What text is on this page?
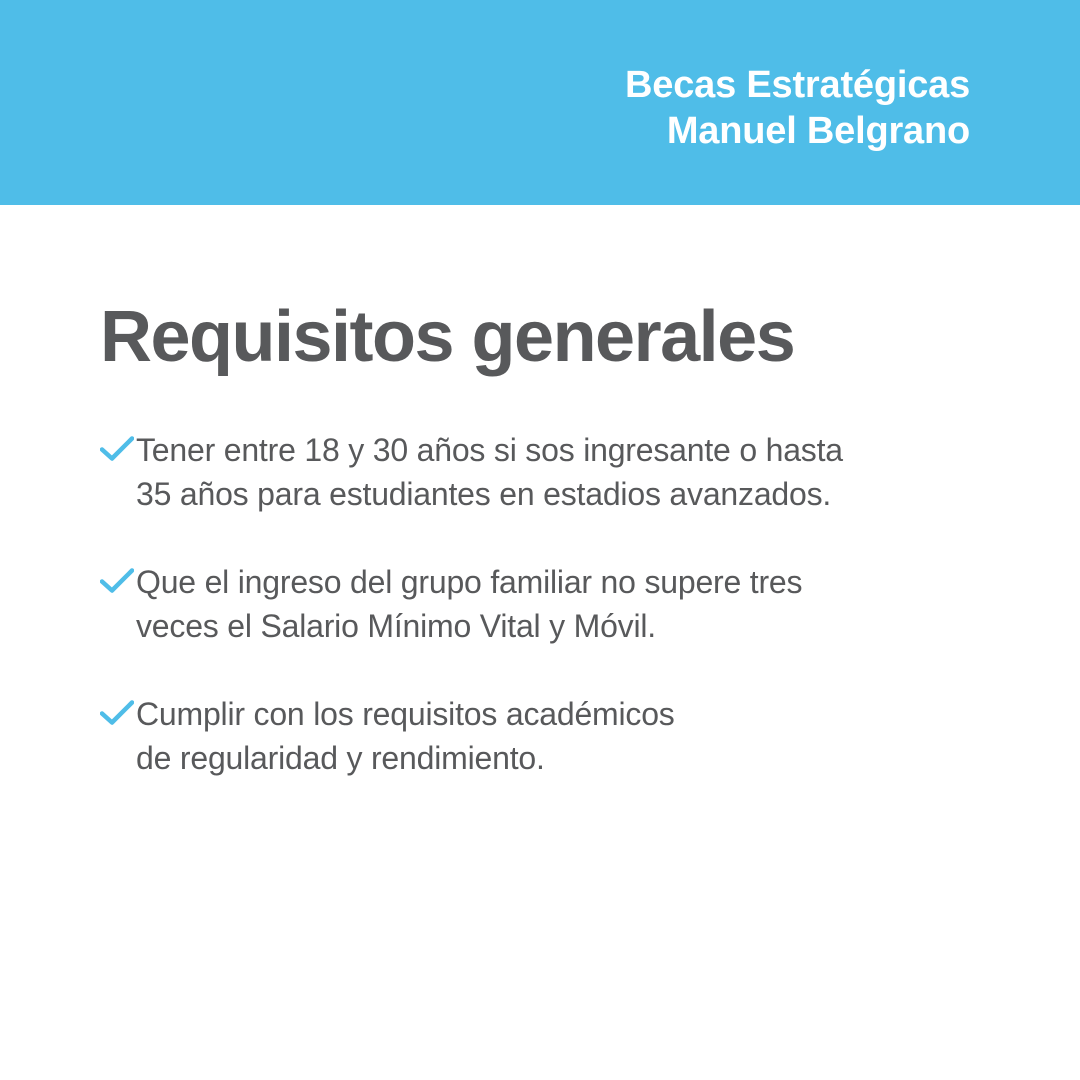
Becas Estratégicas
Manuel Belgrano
Requisitos generales
Tener entre 18 y 30 años si sos ingresante o hasta
35 años para estudiantes en estadios avanzados.
Que el ingreso del grupo familiar no supere tres
veces el Salario Mínimo Vital y Móvil.
Cumplir con los requisitos académicos
de regularidad y rendimiento.
